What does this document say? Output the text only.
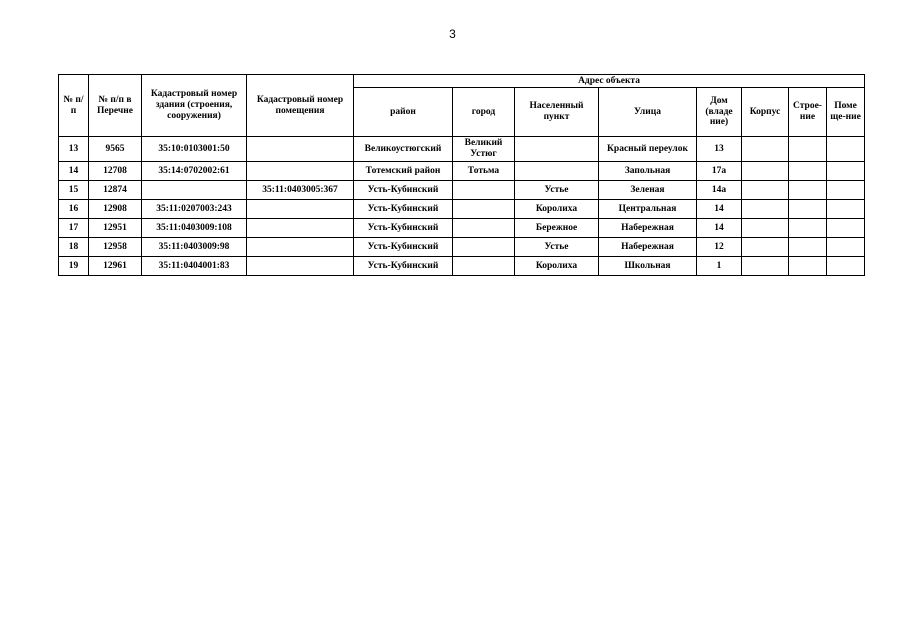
3
№ п/п	№ п/п в Перечне	Кадастровый номер здания (строения, сооружения)	Кадастровый номер помещения	Адрес объекта							
				район	город	Населенный пункт	Улица	Дом (владе ние)	Корпус	Строе-ние	Поме ще-ние
13	9565	35:10:0103001:50		Великоустюгский	Великий Устюг		Красный переулок	13			
14	12708	35:14:0702002:61		Тотемский район	Тотьма		Запольная	17а			
15	12874		35:11:0403005:367	Усть-Кубинский		Устье	Зеленая	14а			
16	12908	35:11:0207003:243		Усть-Кубинский		Королиха	Центральная	14			
17	12951	35:11:0403009:108		Усть-Кубинский		Бережное	Набережная	14			
18	12958	35:11:0403009:98		Усть-Кубинский		Устье	Набережная	12			
19	12961	35:11:0404001:83		Усть-Кубинский		Королиха	Школьная	1			
